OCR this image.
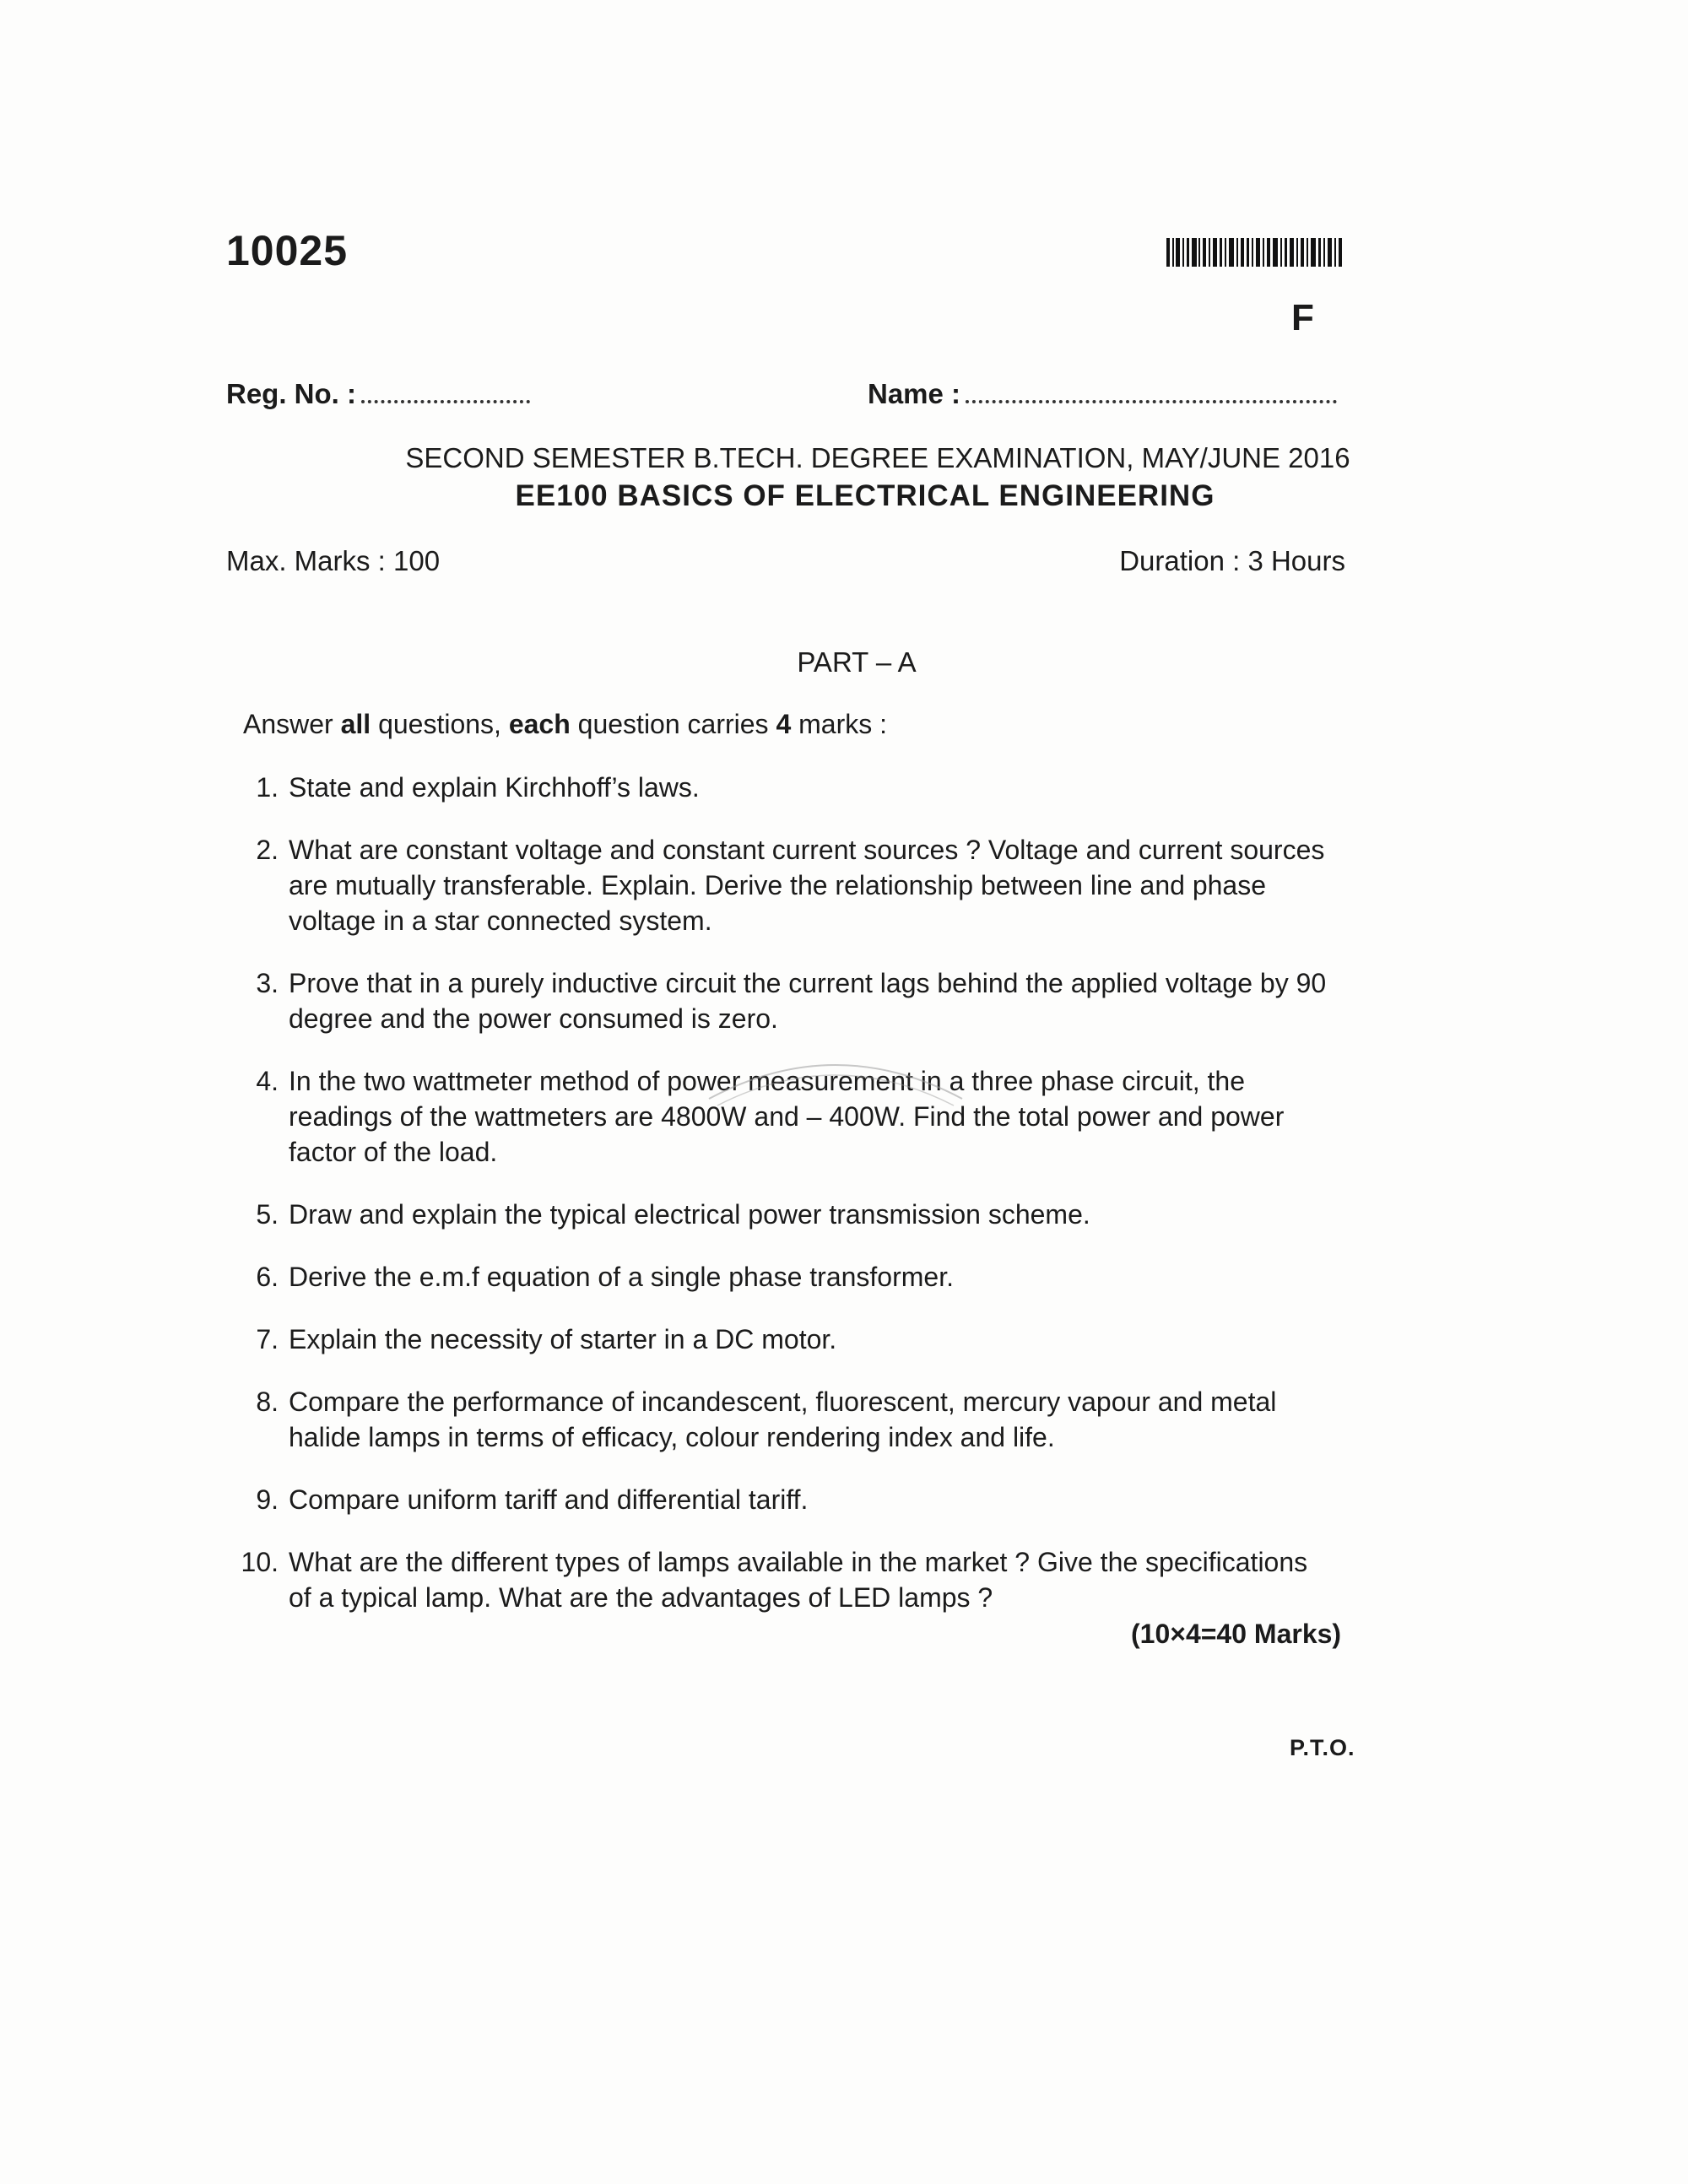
10025
F
Reg. No. :	Name :
SECOND SEMESTER B.TECH. DEGREE EXAMINATION, MAY/JUNE 2016
EE100 BASICS OF ELECTRICAL ENGINEERING
Max. Marks : 100	Duration : 3 Hours
PART – A
Answer all questions, each question carries 4 marks :
1. State and explain Kirchhoff’s laws.
2. What are constant voltage and constant current sources ? Voltage and current sources are mutually transferable. Explain. Derive the relationship between line and phase voltage in a star connected system.
3. Prove that in a purely inductive circuit the current lags behind the applied voltage by 90 degree and the power consumed is zero.
4. In the two wattmeter method of power measurement in a three phase circuit, the readings of the wattmeters are 4800W and – 400W. Find the total power and power factor of the load.
5. Draw and explain the typical electrical power transmission scheme.
6. Derive the e.m.f equation of a single phase transformer.
7. Explain the necessity of starter in a DC motor.
8. Compare the performance of incandescent, fluorescent, mercury vapour and metal halide lamps in terms of efficacy, colour rendering index and life.
9. Compare uniform tariff and differential tariff.
10. What are the different types of lamps available in the market ? Give the specifications of a typical lamp. What are the advantages of LED lamps ?
(10×4=40 Marks)
P.T.O.
